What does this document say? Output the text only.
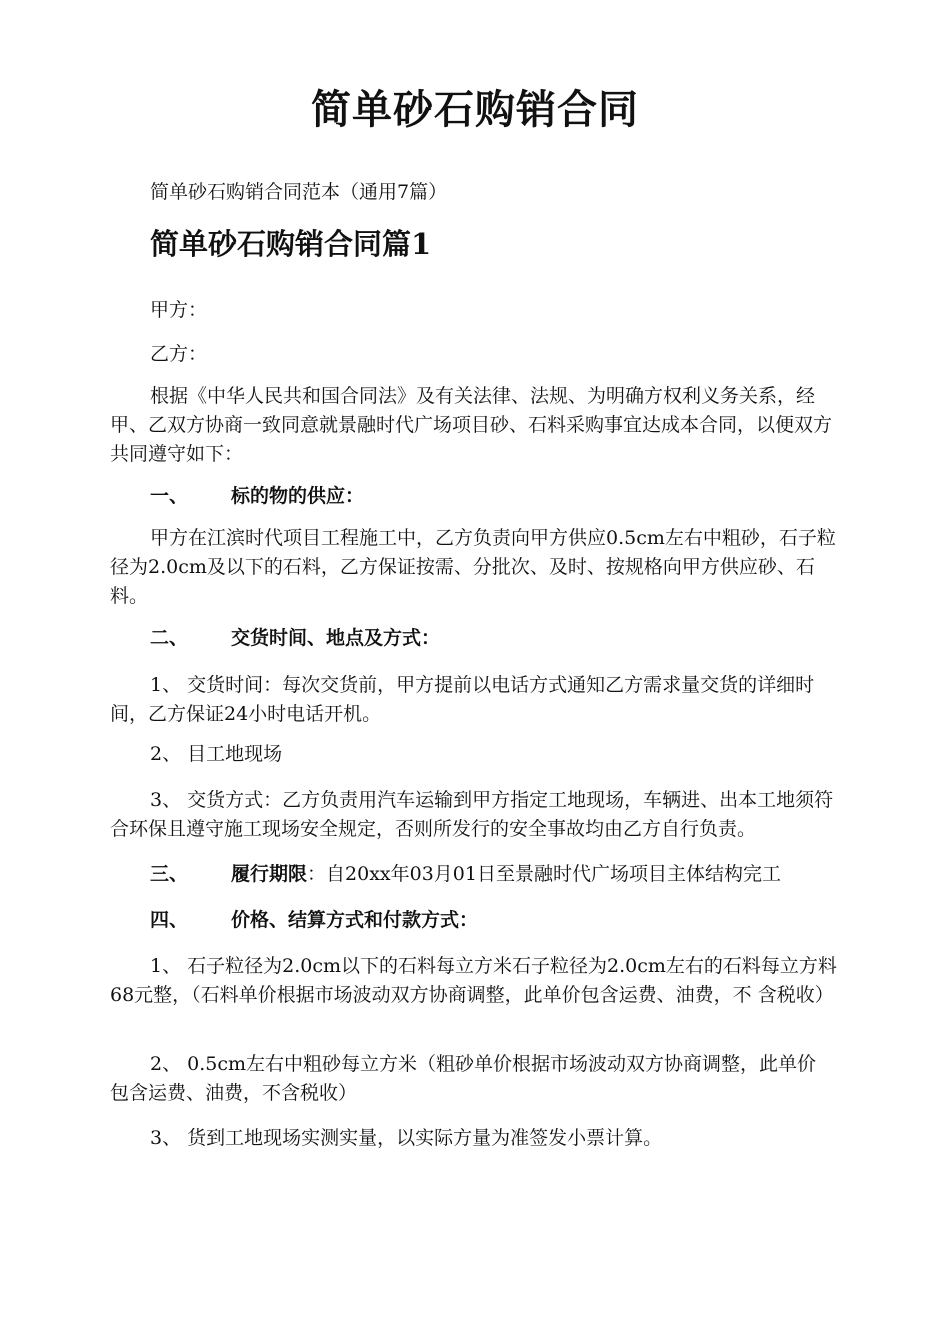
简单砂石购销合同
简单砂石购销合同范本（通用7篇）
简单砂石购销合同篇1
甲方：
乙方：
根据《中华人民共和国合同法》及有关法律、法规、为明确方权利义务关系，经甲、乙双方协商一致同意就景融时代广场项目砂、石料采购事宜达成本合同，以便双方共同遵守如下：
一、 标的物的供应：
甲方在江滨时代项目工程施工中，乙方负责向甲方供应0.5cm左右中粗砂，石子粒径为2.0cm及以下的石料，乙方保证按需、分批次、及时、按规格向甲方供应砂、石料。
二、 交货时间、地点及方式：
1、 交货时间：每次交货前，甲方提前以电话方式通知乙方需求量交货的详细时间，乙方保证24小时电话开机。
2、 目工地现场
3、 交货方式：乙方负责用汽车运输到甲方指定工地现场，车辆进、出本工地须符合环保且遵守施工现场安全规定，否则所发行的安全事故均由乙方自行负责。
三、 履行期限：自20xx年03月01日至景融时代广场项目主体结构完工
四、 价格、结算方式和付款方式：
1、 石子粒径为2.0cm以下的石料每立方米石子粒径为2.0cm左右的石料每立方料68元整，（石料单价根据市场波动双方协商调整，此单价包含运费、油费，不 含税收）
2、 0.5cm左右中粗砂每立方米（粗砂单价根据市场波动双方协商调整，此单价 包含运费、油费，不含税收）
3、 货到工地现场实测实量，以实际方量为准签发小票计算。
